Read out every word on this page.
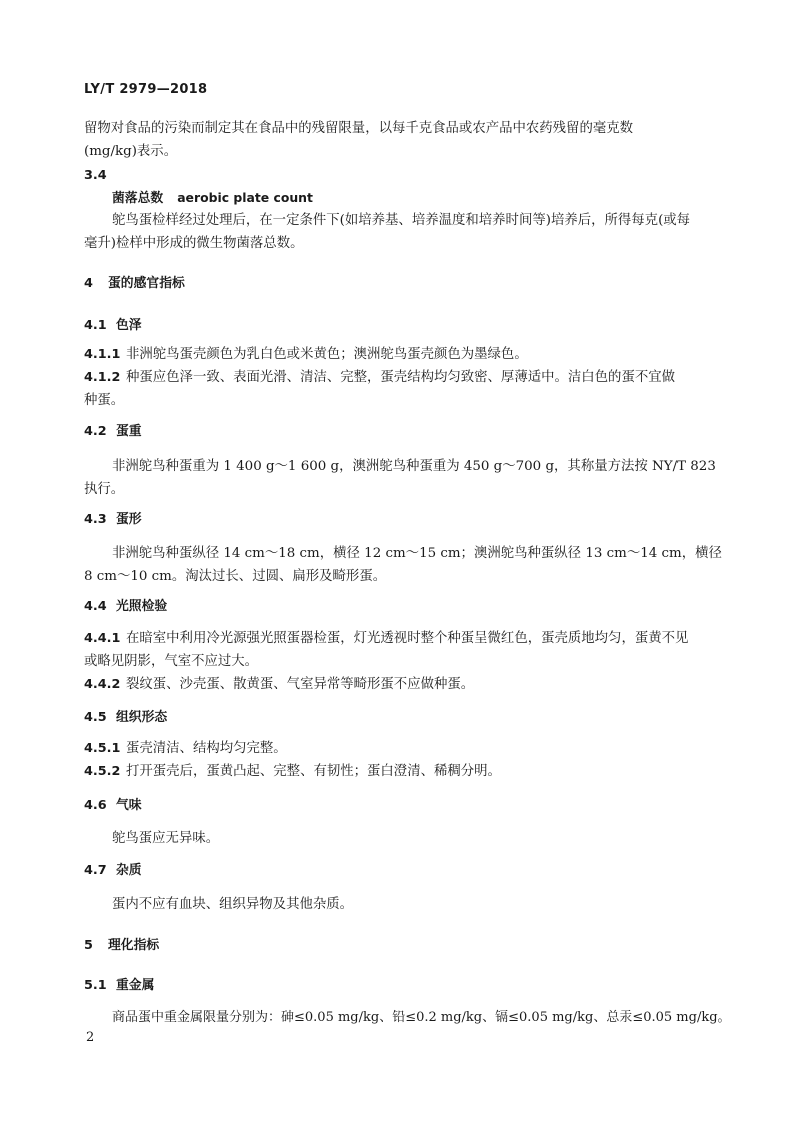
LY/T 2979—2018
留物对食品的污染而制定其在食品中的残留限量，以每千克食品或农产品中农药残留的毫克数
(mg/kg)表示。
3.4
菌落总数 aerobic plate count
鸵鸟蛋检样经过处理后，在一定条件下(如培养基、培养温度和培养时间等)培养后，所得每克(或每
毫升)检样中形成的微生物菌落总数。
4 蛋的感官指标
4.1 色泽
4.1.1 非洲鸵鸟蛋壳颜色为乳白色或米黄色；澳洲鸵鸟蛋壳颜色为墨绿色。
4.1.2 种蛋应色泽一致、表面光滑、清洁、完整，蛋壳结构均匀致密、厚薄适中。洁白色的蛋不宜做
种蛋。
4.2 蛋重
非洲鸵鸟种蛋重为 1 400 g～1 600 g，澳洲鸵鸟种蛋重为 450 g～700 g，其称量方法按 NY/T 823
执行。
4.3 蛋形
非洲鸵鸟种蛋纵径 14 cm～18 cm，横径 12 cm～15 cm；澳洲鸵鸟种蛋纵径 13 cm～14 cm，横径
8 cm～10 cm。淘汰过长、过圆、扁形及畸形蛋。
4.4 光照检验
4.4.1 在暗室中利用冷光源强光照蛋器检蛋，灯光透视时整个种蛋呈微红色，蛋壳质地均匀，蛋黄不见
或略见阴影，气室不应过大。
4.4.2 裂纹蛋、沙壳蛋、散黄蛋、气室异常等畸形蛋不应做种蛋。
4.5 组织形态
4.5.1 蛋壳清洁、结构均匀完整。
4.5.2 打开蛋壳后，蛋黄凸起、完整、有韧性；蛋白澄清、稀稠分明。
4.6 气味
鸵鸟蛋应无异味。
4.7 杂质
蛋内不应有血块、组织异物及其他杂质。
5 理化指标
5.1 重金属
商品蛋中重金属限量分别为：砷≤0.05 mg/kg、铅≤0.2 mg/kg、镉≤0.05 mg/kg、总汞≤0.05 mg/kg。
2
